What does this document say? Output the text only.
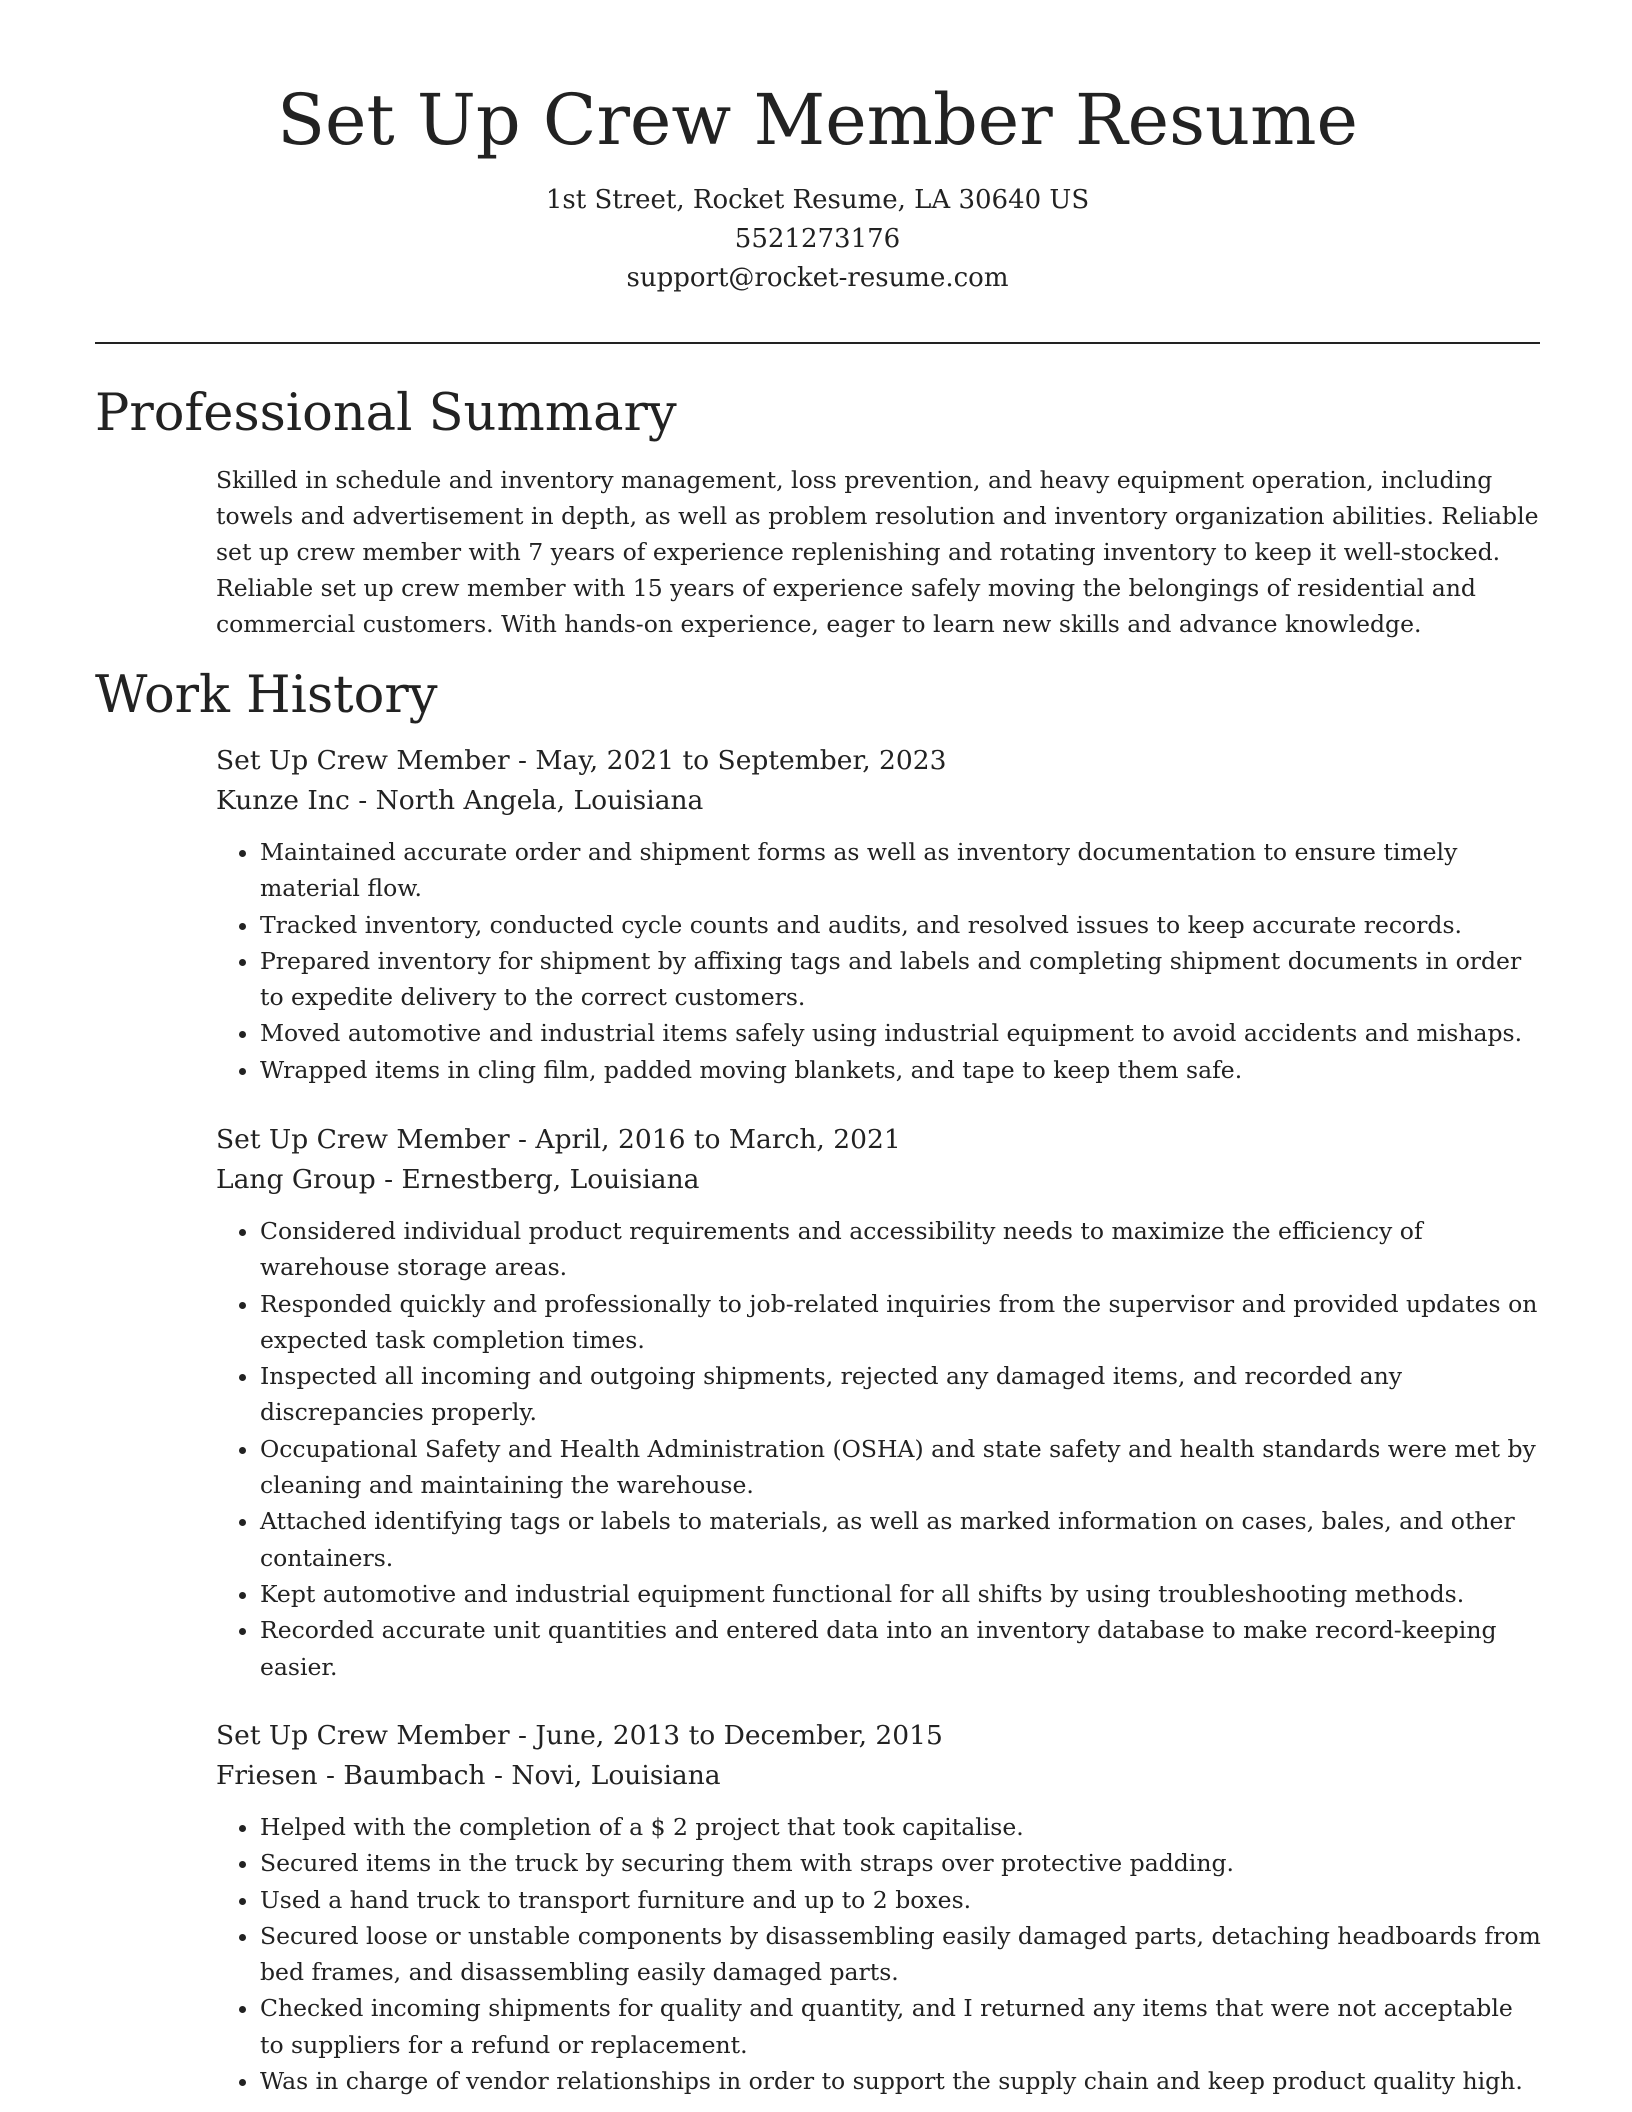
Set Up Crew Member Resume
1st Street, Rocket Resume, LA 30640 US
5521273176
support@rocket-resume.com
Professional Summary

Skilled in schedule and inventory management, loss prevention, and heavy equipment operation, including towels and advertisement in depth, as well as problem resolution and inventory organization abilities. Reliable set up crew member with 7 years of experience replenishing and rotating inventory to keep it well-stocked. Reliable set up crew member with 15 years of experience safely moving the belongings of residential and commercial customers. With hands-on experience, eager to learn new skills and advance knowledge.

Work History

Set Up Crew Member - May, 2021 to September, 2023

Kunze Inc - North Angela, Louisiana

• Maintained accurate order and shipment forms as well as inventory documentation to ensure timely material flow.
• Tracked inventory, conducted cycle counts and audits, and resolved issues to keep accurate records.
• Prepared inventory for shipment by affixing tags and labels and completing shipment documents in order to expedite delivery to the correct customers.
• Moved automotive and industrial items safely using industrial equipment to avoid accidents and mishaps.
• Wrapped items in cling film, padded moving blankets, and tape to keep them safe.

Set Up Crew Member - April, 2016 to March, 2021

Lang Group - Ernestberg, Louisiana

• Considered individual product requirements and accessibility needs to maximize the efficiency of warehouse storage areas.
• Responded quickly and professionally to job-related inquiries from the supervisor and provided updates on expected task completion times.
• Inspected all incoming and outgoing shipments, rejected any damaged items, and recorded any discrepancies properly.
• Occupational Safety and Health Administration (OSHA) and state safety and health standards were met by cleaning and maintaining the warehouse.
• Attached identifying tags or labels to materials, as well as marked information on cases, bales, and other containers.
• Kept automotive and industrial equipment functional for all shifts by using troubleshooting methods.
• Recorded accurate unit quantities and entered data into an inventory database to make record-keeping easier.

Set Up Crew Member - June, 2013 to December, 2015

Friesen - Baumbach - Novi, Louisiana

• Helped with the completion of a $ 2 project that took capitalise.
• Secured items in the truck by securing them with straps over protective padding.
• Used a hand truck to transport furniture and up to 2 boxes.
• Secured loose or unstable components by disassembling easily damaged parts, detaching headboards from bed frames, and disassembling easily damaged parts.
• Checked incoming shipments for quality and quantity, and I returned any items that were not acceptable to suppliers for a refund or replacement.
• Was in charge of vendor relationships in order to support the supply chain and keep product quality high.
